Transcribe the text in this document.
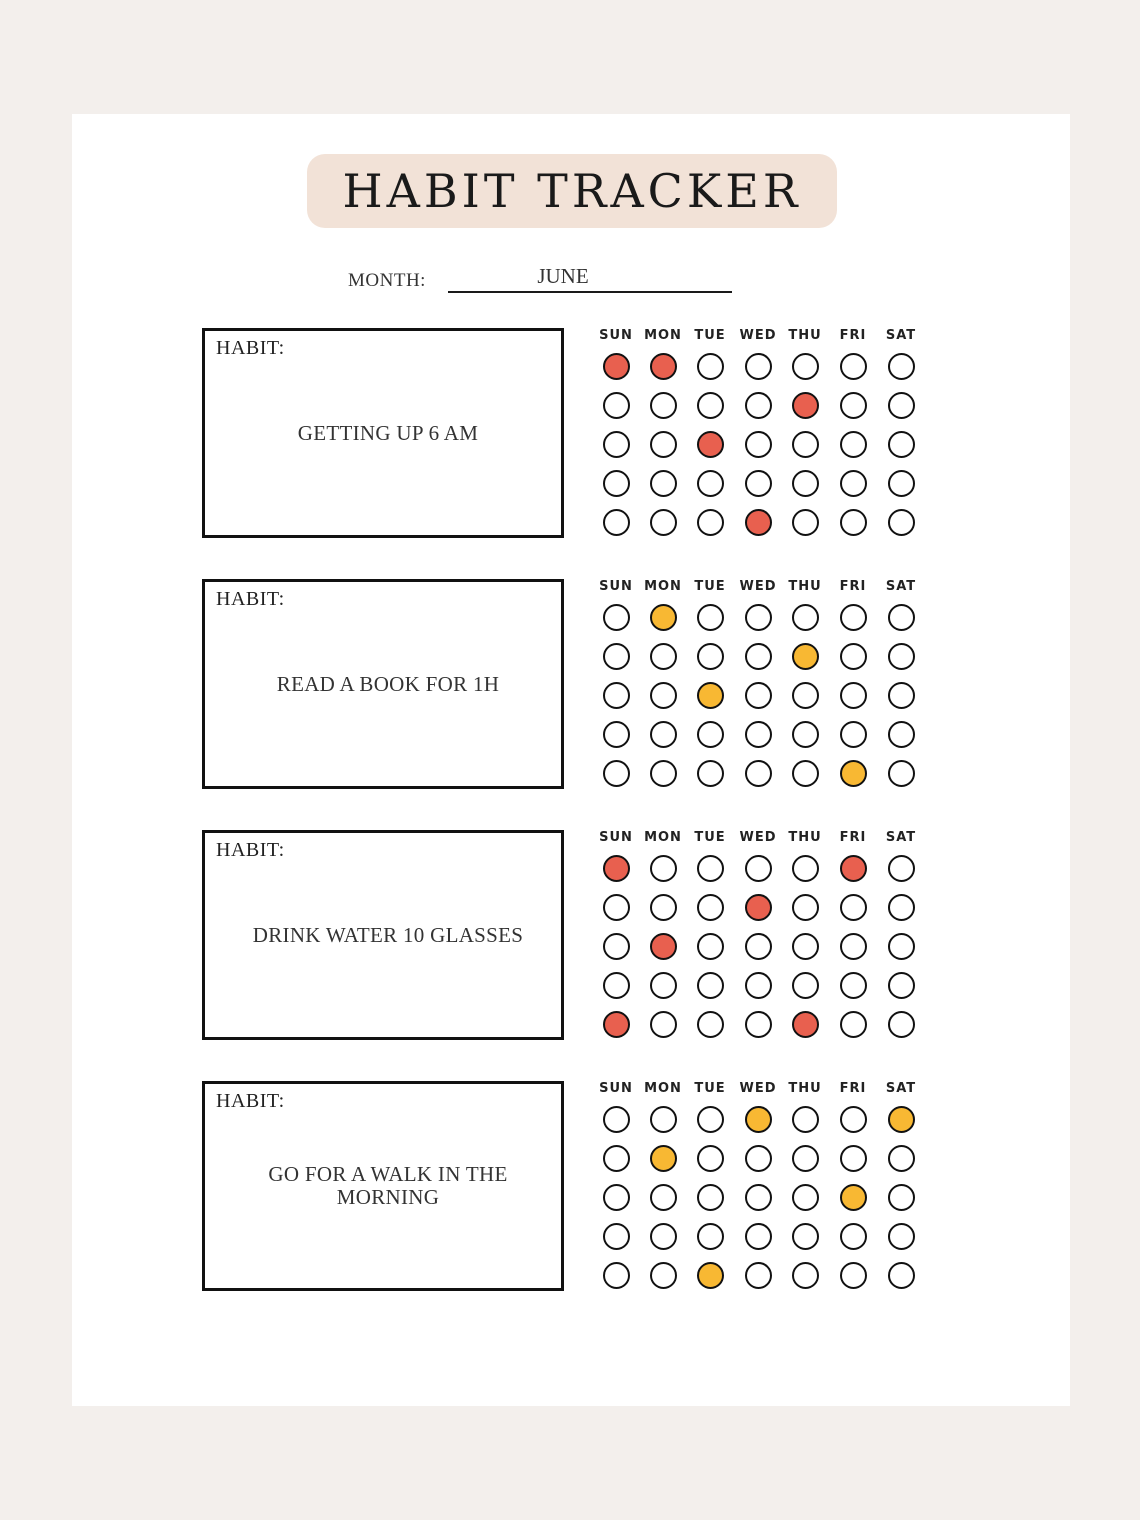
HABIT TRACKER
MONTH:	JUNE
HABIT:
GETTING UP 6 AM
SUN MON TUE	WED THU	FRI	SAT
HABIT:
READ A BOOK FOR 1H
SUN MON TUE	WED THU	FRI	SAT
HABIT:
DRINK WATER 10 GLASSES
SUN MON TUE	WED THU	FRI	SAT
HABIT:
GO FOR A WALK IN THE MORNING
SUN MON TUE	WED THU	FRI	SAT
